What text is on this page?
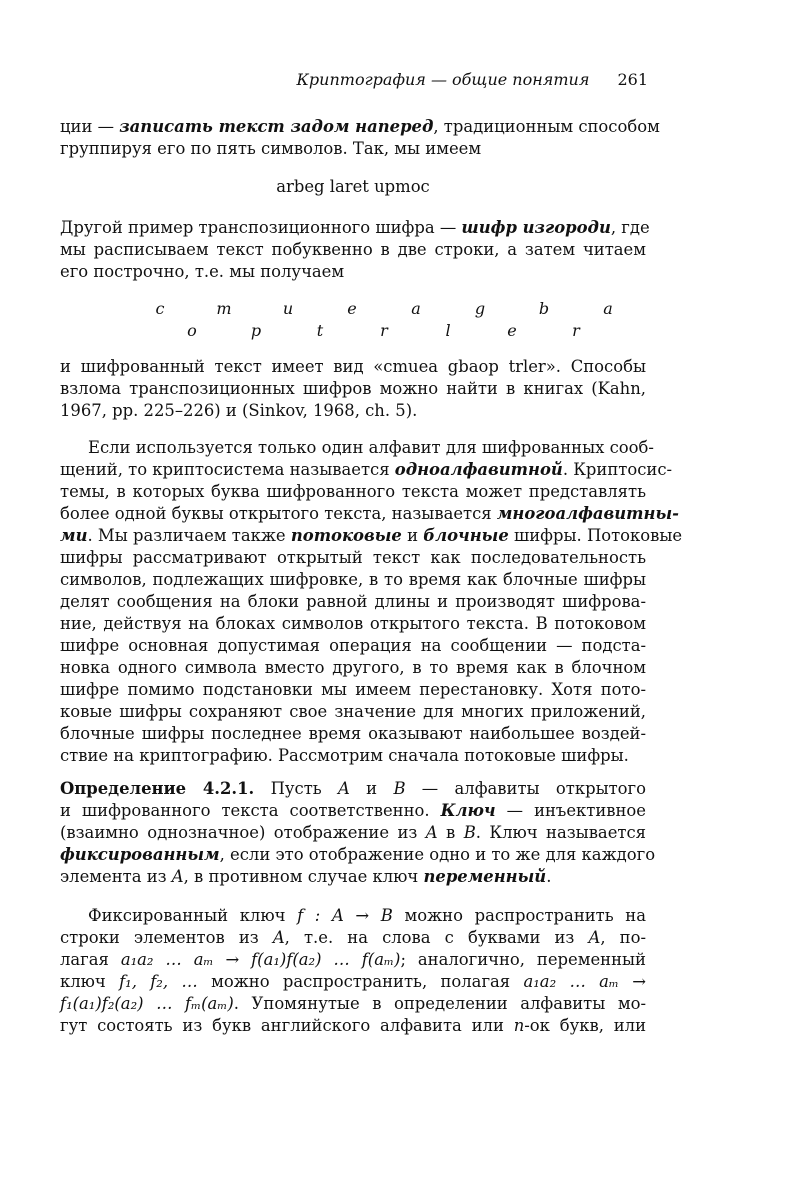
Криптография — общие понятия 261
ции — записать текст задом наперед, традиционным способом
группируя его по пять символов. Так, мы имеем
arbeg laret upmoc
Другой пример транспозиционного шифра — шифр изгороди, где
мы расписываем текст побуквенно в две строки, а затем читаем
его построчно, т.е. мы получаем
c	m	u	e	a	g	b	a
o	p	t	r	l	e	r
и шифрованный текст имеет вид «cmuea gbaop trler». Способы
взлома транспозиционных шифров можно найти в книгах (Kahn,
1967, pp. 225–226) и (Sinkov, 1968, ch. 5).
Если используется только один алфавит для шифрованных сооб-
щений, то криптосистема называется одноалфавитной. Криптосис-
темы, в которых буква шифрованного текста может представлять
более одной буквы открытого текста, называется многоалфавитны-
ми. Мы различаем также потоковые и блочные шифры. Потоковые
шифры рассматривают открытый текст как последовательность
символов, подлежащих шифровке, в то время как блочные шифры
делят сообщения на блоки равной длины и производят шифрова-
ние, действуя на блоках символов открытого текста. В потоковом
шифре основная допустимая операция на сообщении — подста-
новка одного символа вместо другого, в то время как в блочном
шифре помимо подстановки мы имеем перестановку. Хотя пото-
ковые шифры сохраняют свое значение для многих приложений,
блочные шифры последнее время оказывают наибольшее воздей-
ствие на криптографию. Рассмотрим сначала потоковые шифры.
Определение 4.2.1. Пусть A и B — алфавиты открытого
и шифрованного текста соответственно. Ключ — инъективное
(взаимно однозначное) отображение из A в B. Ключ называется
фиксированным, если это отображение одно и то же для каждого
элемента из A, в противном случае ключ переменный.
Фиксированный ключ f : A → B можно распространить на
строки элементов из A, т.е. на слова с буквами из A, по-
лагая a₁a₂ … aₘ → f(a₁)f(a₂) … f(aₘ); аналогично, переменный
ключ f₁, f₂, … можно распространить, полагая a₁a₂ … aₘ →
f₁(a₁)f₂(a₂) … fₘ(aₘ). Упомянутые в определении алфавиты мо-
гут состоять из букв английского алфавита или n-ок букв, или
